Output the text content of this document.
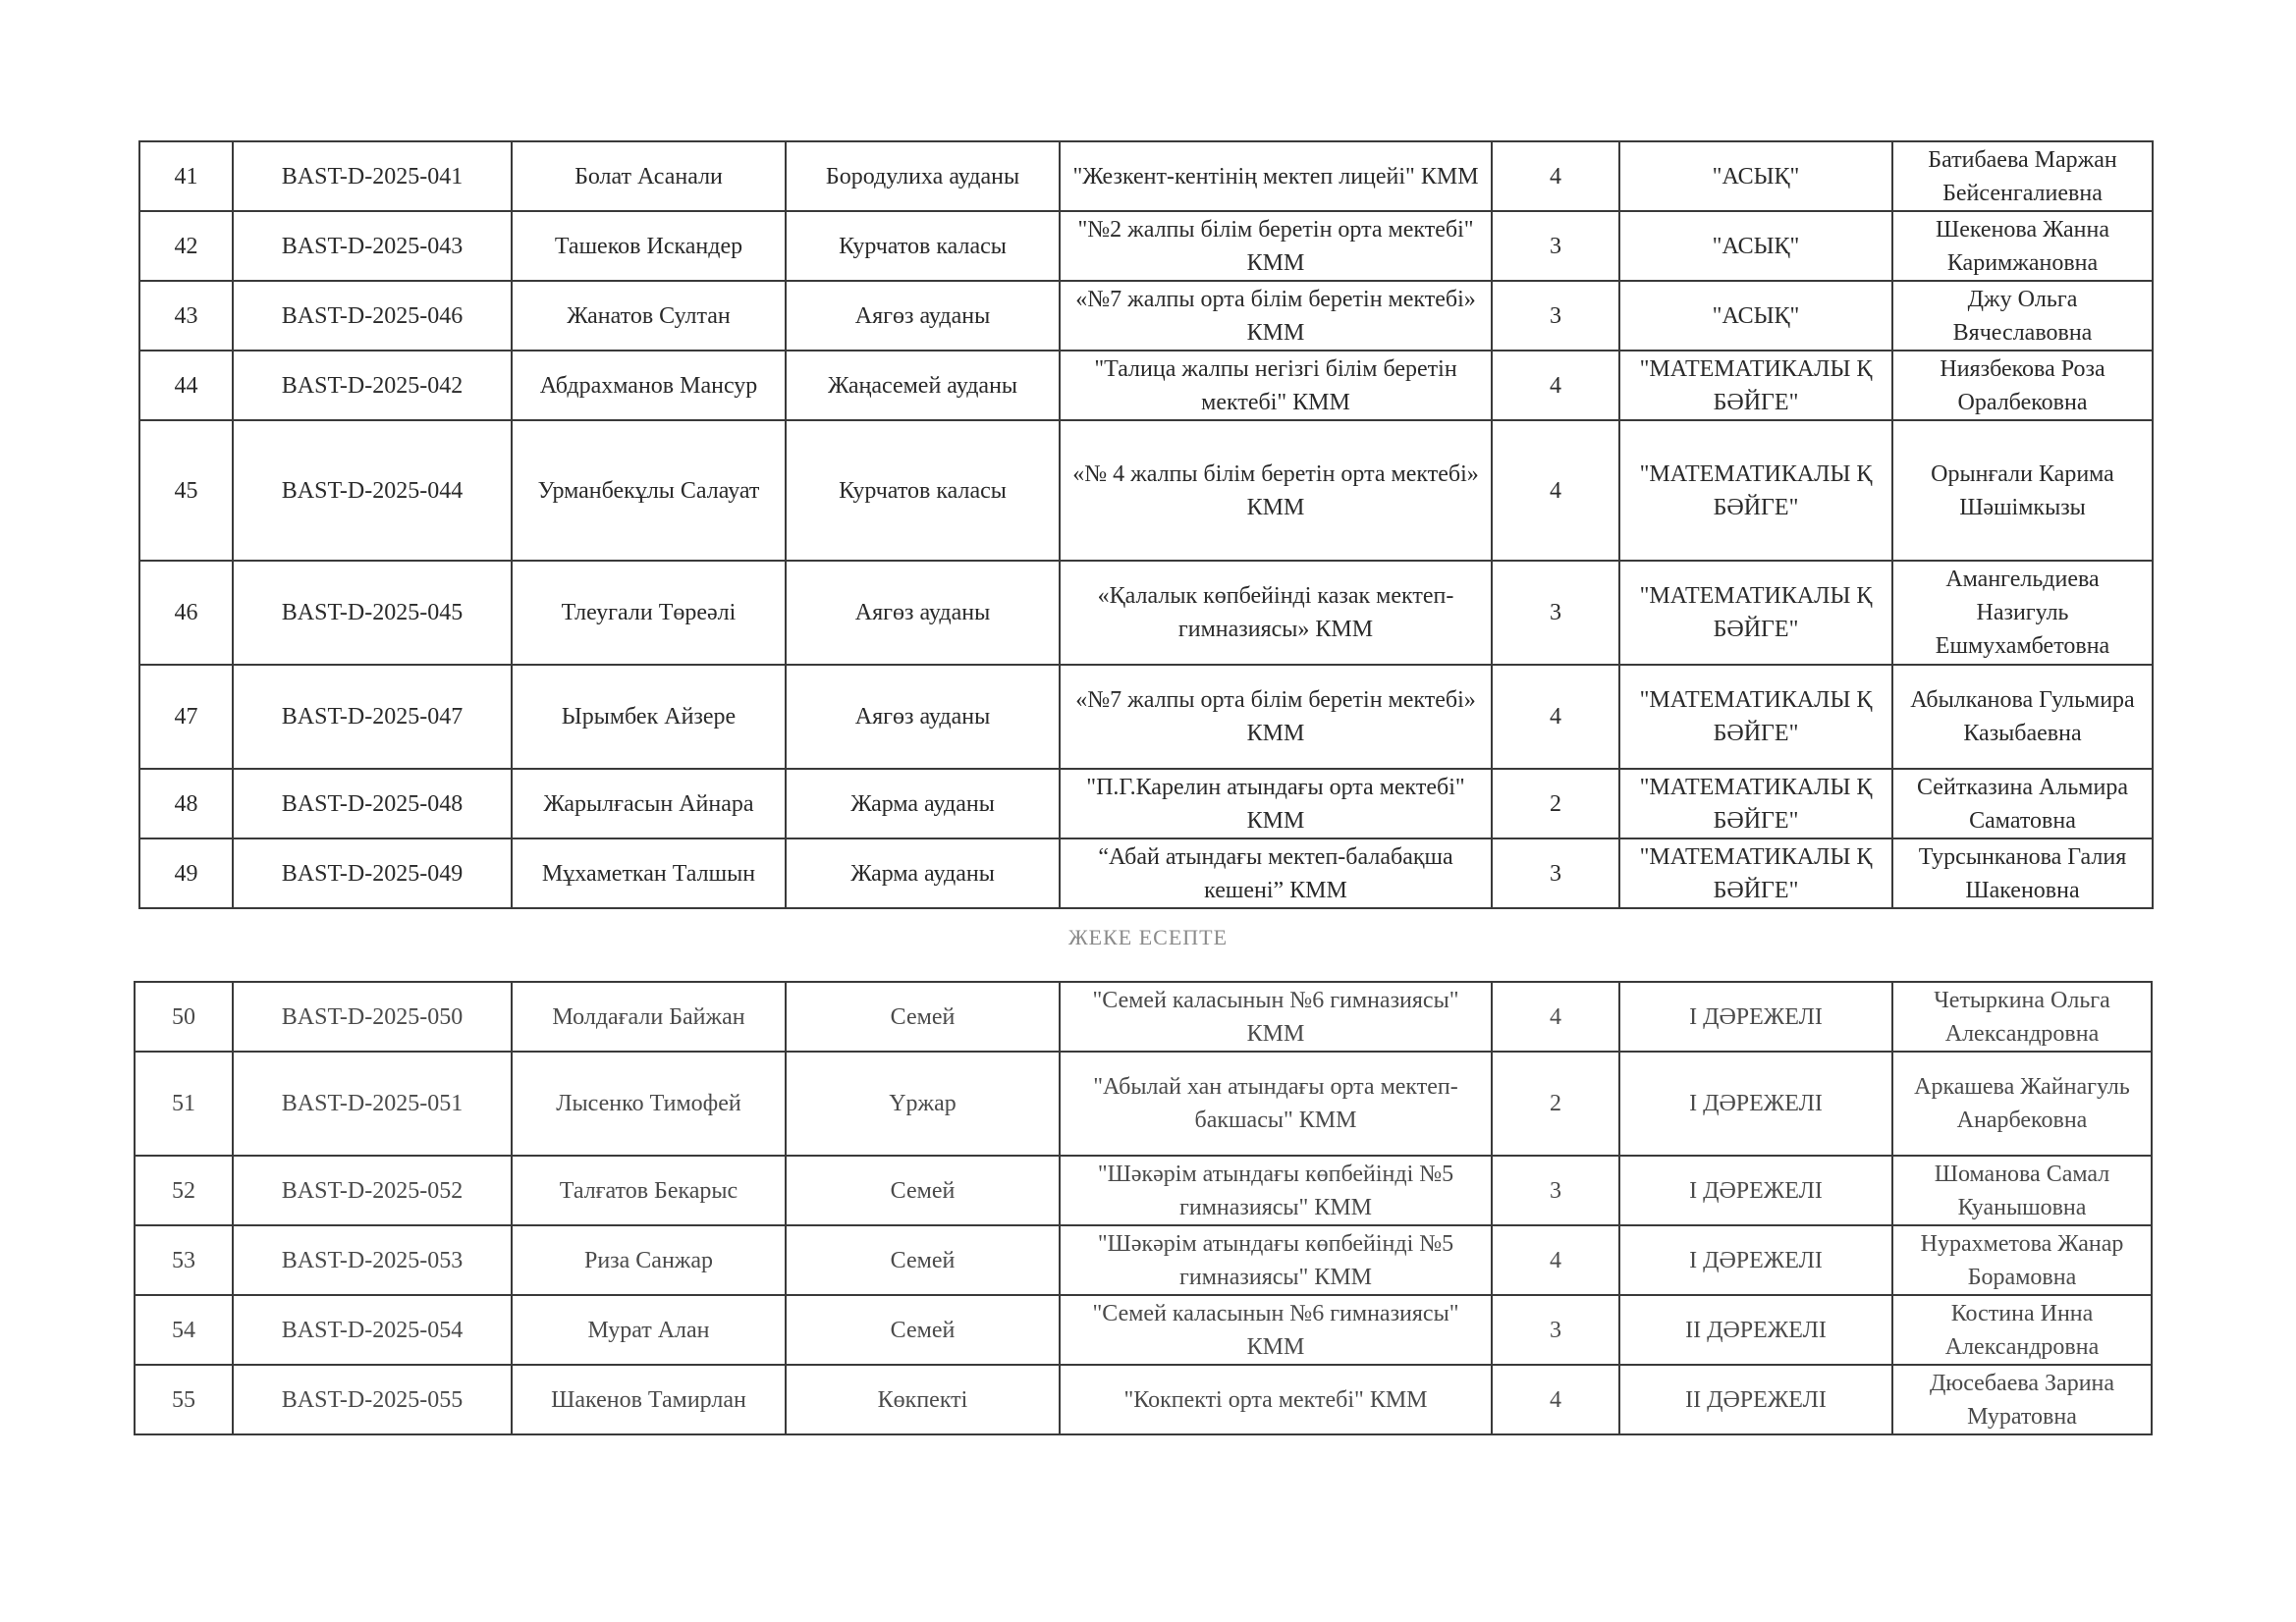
41	BAST-D-2025-041	Болат Асанали	Бородулиха ауданы	"Жезкент-кентінің мектеп лицейі" КММ	4	"АСЫҚ"	Батибаева Маржан Бейсенгалиевна
42	BAST-D-2025-043	Ташеков Искандер	Курчатов каласы	"№2 жалпы білім беретін орта мектебі" КММ	3	"АСЫҚ"	Шекенова Жанна Каримжановна
43	BAST-D-2025-046	Жанатов Султан	Аягөз ауданы	«№7 жалпы орта білім беретін мектебі» КММ	3	"АСЫҚ"	Джу Ольга Вячеславовна
44	BAST-D-2025-042	Абдрахманов Мансур	Жаңасемей ауданы	"Талица жалпы негізгі білім беретін мектебі" КММ	4	"МАТЕМАТИКАЛЫ Қ БӘЙГЕ"	Ниязбекова Роза Оралбековна
45	BAST-D-2025-044	Урманбекұлы Салауат	Курчатов каласы	«№ 4 жалпы білім беретін орта мектебі» КММ	4	"МАТЕМАТИКАЛЫ Қ БӘЙГЕ"	Орынғали Карима Шәшімкызы
46	BAST-D-2025-045	Тлеугали Төреәлі	Аягөз ауданы	«Қалалык көпбейінді казак мектеп-гимназиясы» КММ	3	"МАТЕМАТИКАЛЫ Қ БӘЙГЕ"	Амангельдиева Назигуль Ешмухамбетовна
47	BAST-D-2025-047	Ырымбек Айзере	Аягөз ауданы	«№7 жалпы орта білім беретін мектебі» КММ	4	"МАТЕМАТИКАЛЫ Қ БӘЙГЕ"	Абылканова Гульмира Казыбаевна
48	BAST-D-2025-048	Жарылғасын Айнара	Жарма ауданы	"П.Г.Карелин атындағы орта мектебі" КММ	2	"МАТЕМАТИКАЛЫ Қ БӘЙГЕ"	Сейтказина Альмира Саматовна
49	BAST-D-2025-049	Мұхаметкан Талшын	Жарма ауданы	“Абай атындағы мектеп-балабақша кешені” КММ	3	"МАТЕМАТИКАЛЫ Қ БӘЙГЕ"	Турсынканова Галия Шакеновна
ЖЕКЕ ЕСЕПТЕ
50	BAST-D-2025-050	Молдағали Байжан	Семей	"Семей каласынын №6 гимназиясы" КММ	4	І ДӘРЕЖЕЛІ	Четыркина Ольга Александровна
51	BAST-D-2025-051	Лысенко Тимофей	Үржар	"Абылай хан атындағы орта мектеп-бакшасы" КММ	2	І ДӘРЕЖЕЛІ	Аркашева Жайнагуль Анарбековна
52	BAST-D-2025-052	Талғатов Бекарыс	Семей	"Шәкәрім атындағы көпбейінді №5 гимназиясы" КММ	3	І ДӘРЕЖЕЛІ	Шоманова Самал Куанышовна
53	BAST-D-2025-053	Риза Санжар	Семей	"Шәкәрім атындағы көпбейінді №5 гимназиясы" КММ	4	І ДӘРЕЖЕЛІ	Нурахметова Жанар Борамовна
54	BAST-D-2025-054	Мурат Алан	Семей	"Семей каласынын №6 гимназиясы" КММ	3	ІІ ДӘРЕЖЕЛІ	Костина Инна Александровна
55	BAST-D-2025-055	Шакенов Тамирлан	Көкпекті	"Кокпекті орта мектебі" КММ	4	ІІ ДӘРЕЖЕЛІ	Дюсебаева Зарина Муратовна
